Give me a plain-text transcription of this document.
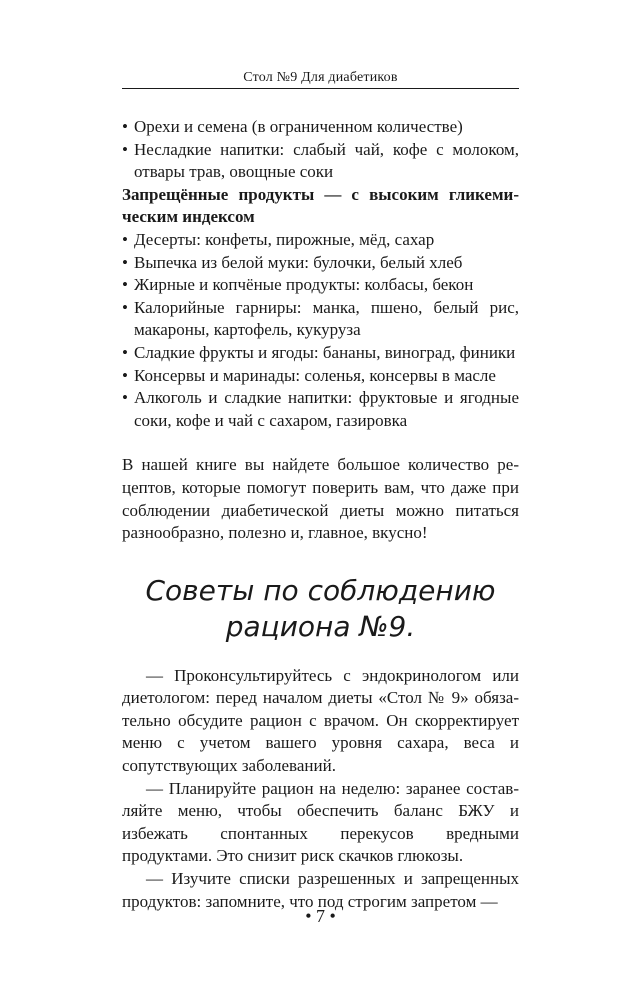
Стол №9 Для диабетиков
• Орехи и семена (в ограниченном количестве)
• Несладкие напитки: слабый чай, кофе с молоком, отвары трав, овощные соки
Запрещённые продукты — с высоким гликемическим индексом
• Десерты: конфеты, пирожные, мёд, сахар
• Выпечка из белой муки: булочки, белый хлеб
• Жирные и копчёные продукты: колбасы, бекон
• Калорийные гарниры: манка, пшено, белый рис, макароны, картофель, кукуруза
• Сладкие фрукты и ягоды: бананы, виноград, финики
• Консервы и маринады: соленья, консервы в масле
• Алкоголь и сладкие напитки: фруктовые и ягодные соки, кофе и чай с сахаром, газировка

В нашей книге вы найдете большое количество рецептов, которые помогут поверить вам, что даже при соблюдении диабетической диеты можно питаться разнообразно, полезно и, главное, вкусно!

Советы по соблюдению рациона №9.

— Проконсультируйтесь с эндокринологом или диетологом: перед началом диеты «Стол № 9» обязательно обсудите рацион с врачом. Он скорректирует меню с учетом вашего уровня сахара, веса и сопутствующих заболеваний.

— Планируйте рацион на неделю: заранее составляйте меню, чтобы обеспечить баланс БЖУ и избежать спонтанных перекусов вредными продуктами. Это снизит риск скачков глюкозы.

— Изучите списки разрешенных и запрещенных продуктов: запомните, что под строгим запретом —

• 7 •
